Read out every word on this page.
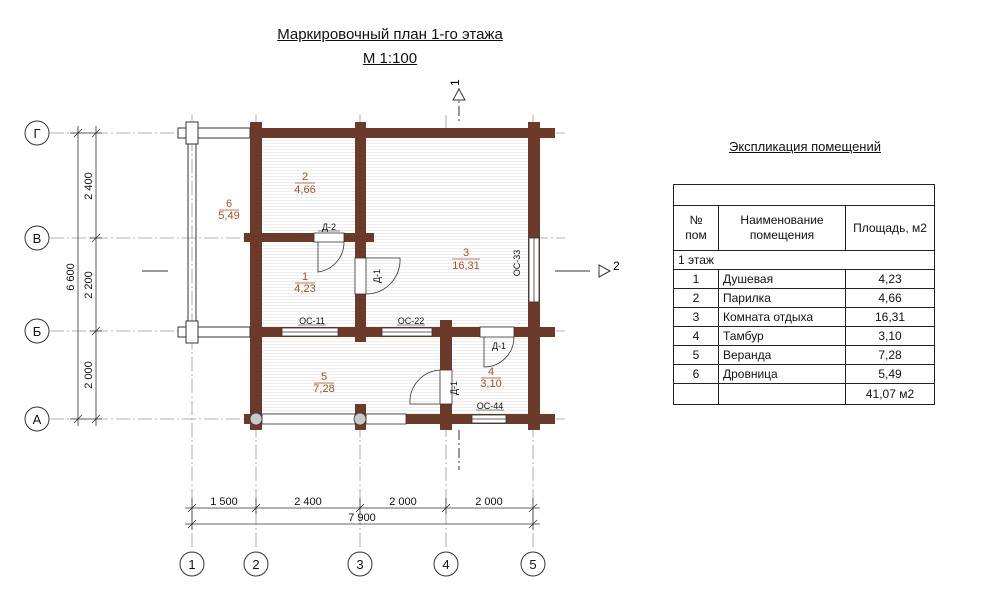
Маркировочный план 1-го этажа
М 1:100
Г
В
Б
А
1	2	3	4	5
1 500	2 400	2 000	2 000
7 900
2 400
2 200
2 000
6 600
1
2
2
4,66
1
4,23
3
16,31
4
3,10
5
7,28
6
5,49
Д-2
Д-1
Д-1
Д-1
ОС-11	ОС-22
ОС-33
ОС-44
Экспликация помещений

№ пом	Наименование помещения	Площадь, м2
1 этаж		
1	Душевая	4,23
2	Парилка	4,66
3	Комната отдыха	16,31
4	Тамбур	3,10
5	Веранда	7,28
6	Дровница	5,49
		41,07 м2
